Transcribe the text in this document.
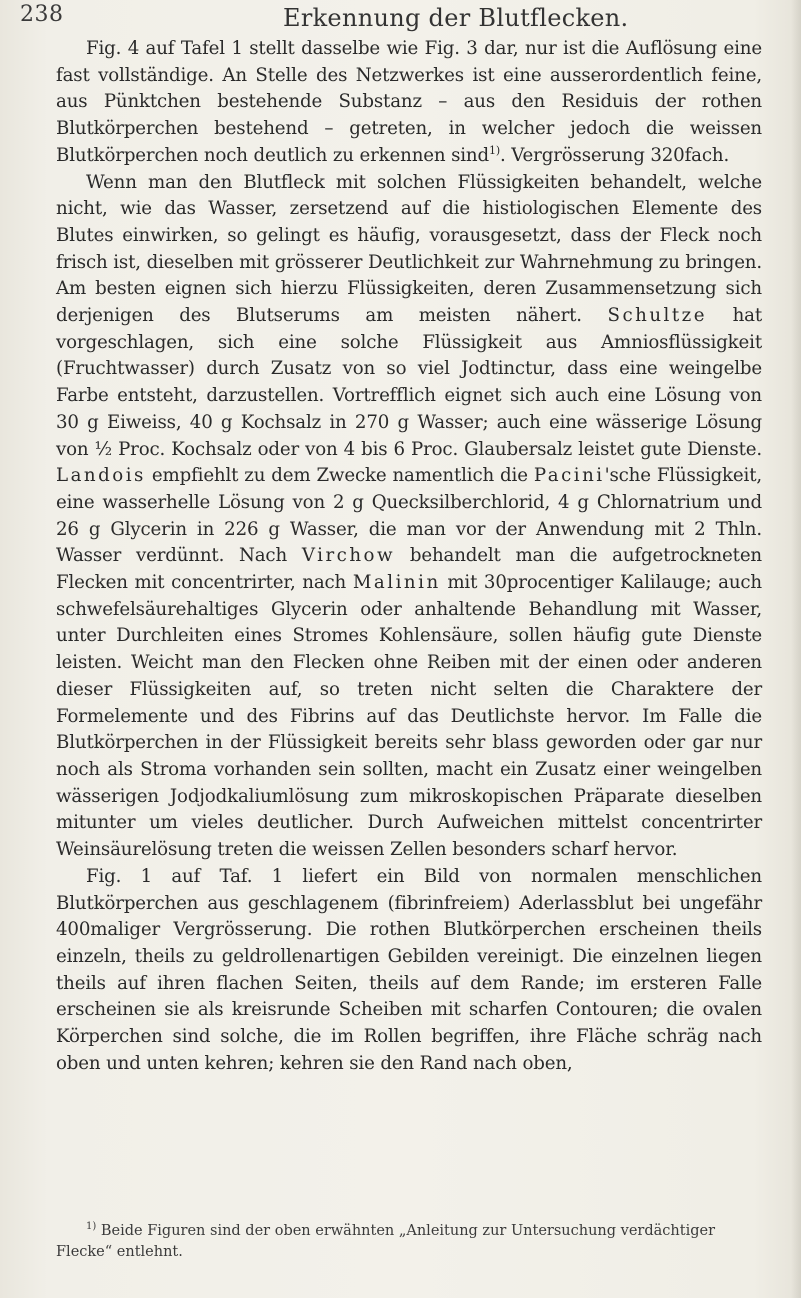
238	Erkennung der Blutflecken.

Fig. 4 auf Tafel 1 stellt dasselbe wie Fig. 3 dar, nur ist die Auflösung eine fast vollständige. An Stelle des Netzwerkes ist eine ausserordentlich feine, aus Pünktchen bestehende Substanz – aus den Residuis der rothen Blutkörperchen bestehend – getreten, in welcher jedoch die weissen Blutkörperchen noch deutlich zu erkennen sind$^{1)}$. Vergrösserung 320fach.

Wenn man den Blutfleck mit solchen Flüssigkeiten behandelt, welche nicht, wie das Wasser, zersetzend auf die histiologischen Elemente des Blutes einwirken, so gelingt es häufig, vorausgesetzt, dass der Fleck noch frisch ist, dieselben mit grösserer Deutlichkeit zur Wahrnehmung zu bringen. Am besten eignen sich hierzu Flüssigkeiten, deren Zusammensetzung sich derjenigen des Blutserums am meisten nähert. Schultze hat vorgeschlagen, sich eine solche Flüssigkeit aus Amniosflüssigkeit (Fruchtwasser) durch Zusatz von so viel Jodtinctur, dass eine weingelbe Farbe entsteht, darzustellen. Vortrefflich eignet sich auch eine Lösung von 30 g Eiweiss, 40 g Kochsalz in 270 g Wasser; auch eine wässerige Lösung von ½ Proc. Kochsalz oder von 4 bis 6 Proc. Glaubersalz leistet gute Dienste. Landois empfiehlt zu dem Zwecke namentlich die Pacini'sche Flüssigkeit, eine wasserhelle Lösung von 2 g Quecksilberchlorid, 4 g Chlornatrium und 26 g Glycerin in 226 g Wasser, die man vor der Anwendung mit 2 Thln. Wasser verdünnt. Nach Virchow behandelt man die aufgetrockneten Flecken mit concentrirter, nach Malinin mit 30procentiger Kalilauge; auch schwefelsäurehaltiges Glycerin oder anhaltende Behandlung mit Wasser, unter Durchleiten eines Stromes Kohlensäure, sollen häufig gute Dienste leisten. Weicht man den Flecken ohne Reiben mit der einen oder anderen dieser Flüssigkeiten auf, so treten nicht selten die Charaktere der Formelemente und des Fibrins auf das Deutlichste hervor. Im Falle die Blutkörperchen in der Flüssigkeit bereits sehr blass geworden oder gar nur noch als Stroma vorhanden sein sollten, macht ein Zusatz einer weingelben wässerigen Jodjodkaliumlösung zum mikroskopischen Präparate dieselben mitunter um vieles deutlicher. Durch Aufweichen mittelst concentrirter Weinsäurelösung treten die weissen Zellen besonders scharf hervor.

Fig. 1 auf Taf. 1 liefert ein Bild von normalen menschlichen Blutkörperchen aus geschlagenem (fibrinfreiem) Aderlassblut bei ungefähr 400maliger Vergrösserung. Die rothen Blutkörperchen erscheinen theils einzeln, theils zu geldrollenartigen Gebilden vereinigt. Die einzelnen liegen theils auf ihren flachen Seiten, theils auf dem Rande; im ersteren Falle erscheinen sie als kreisrunde Scheiben mit scharfen Contouren; die ovalen Körperchen sind solche, die im Rollen begriffen, ihre Fläche schräg nach oben und unten kehren; kehren sie den Rand nach oben,

$^{1)}$ Beide Figuren sind der oben erwähnten „Anleitung zur Untersuchung verdächtiger Flecke“ entlehnt.
